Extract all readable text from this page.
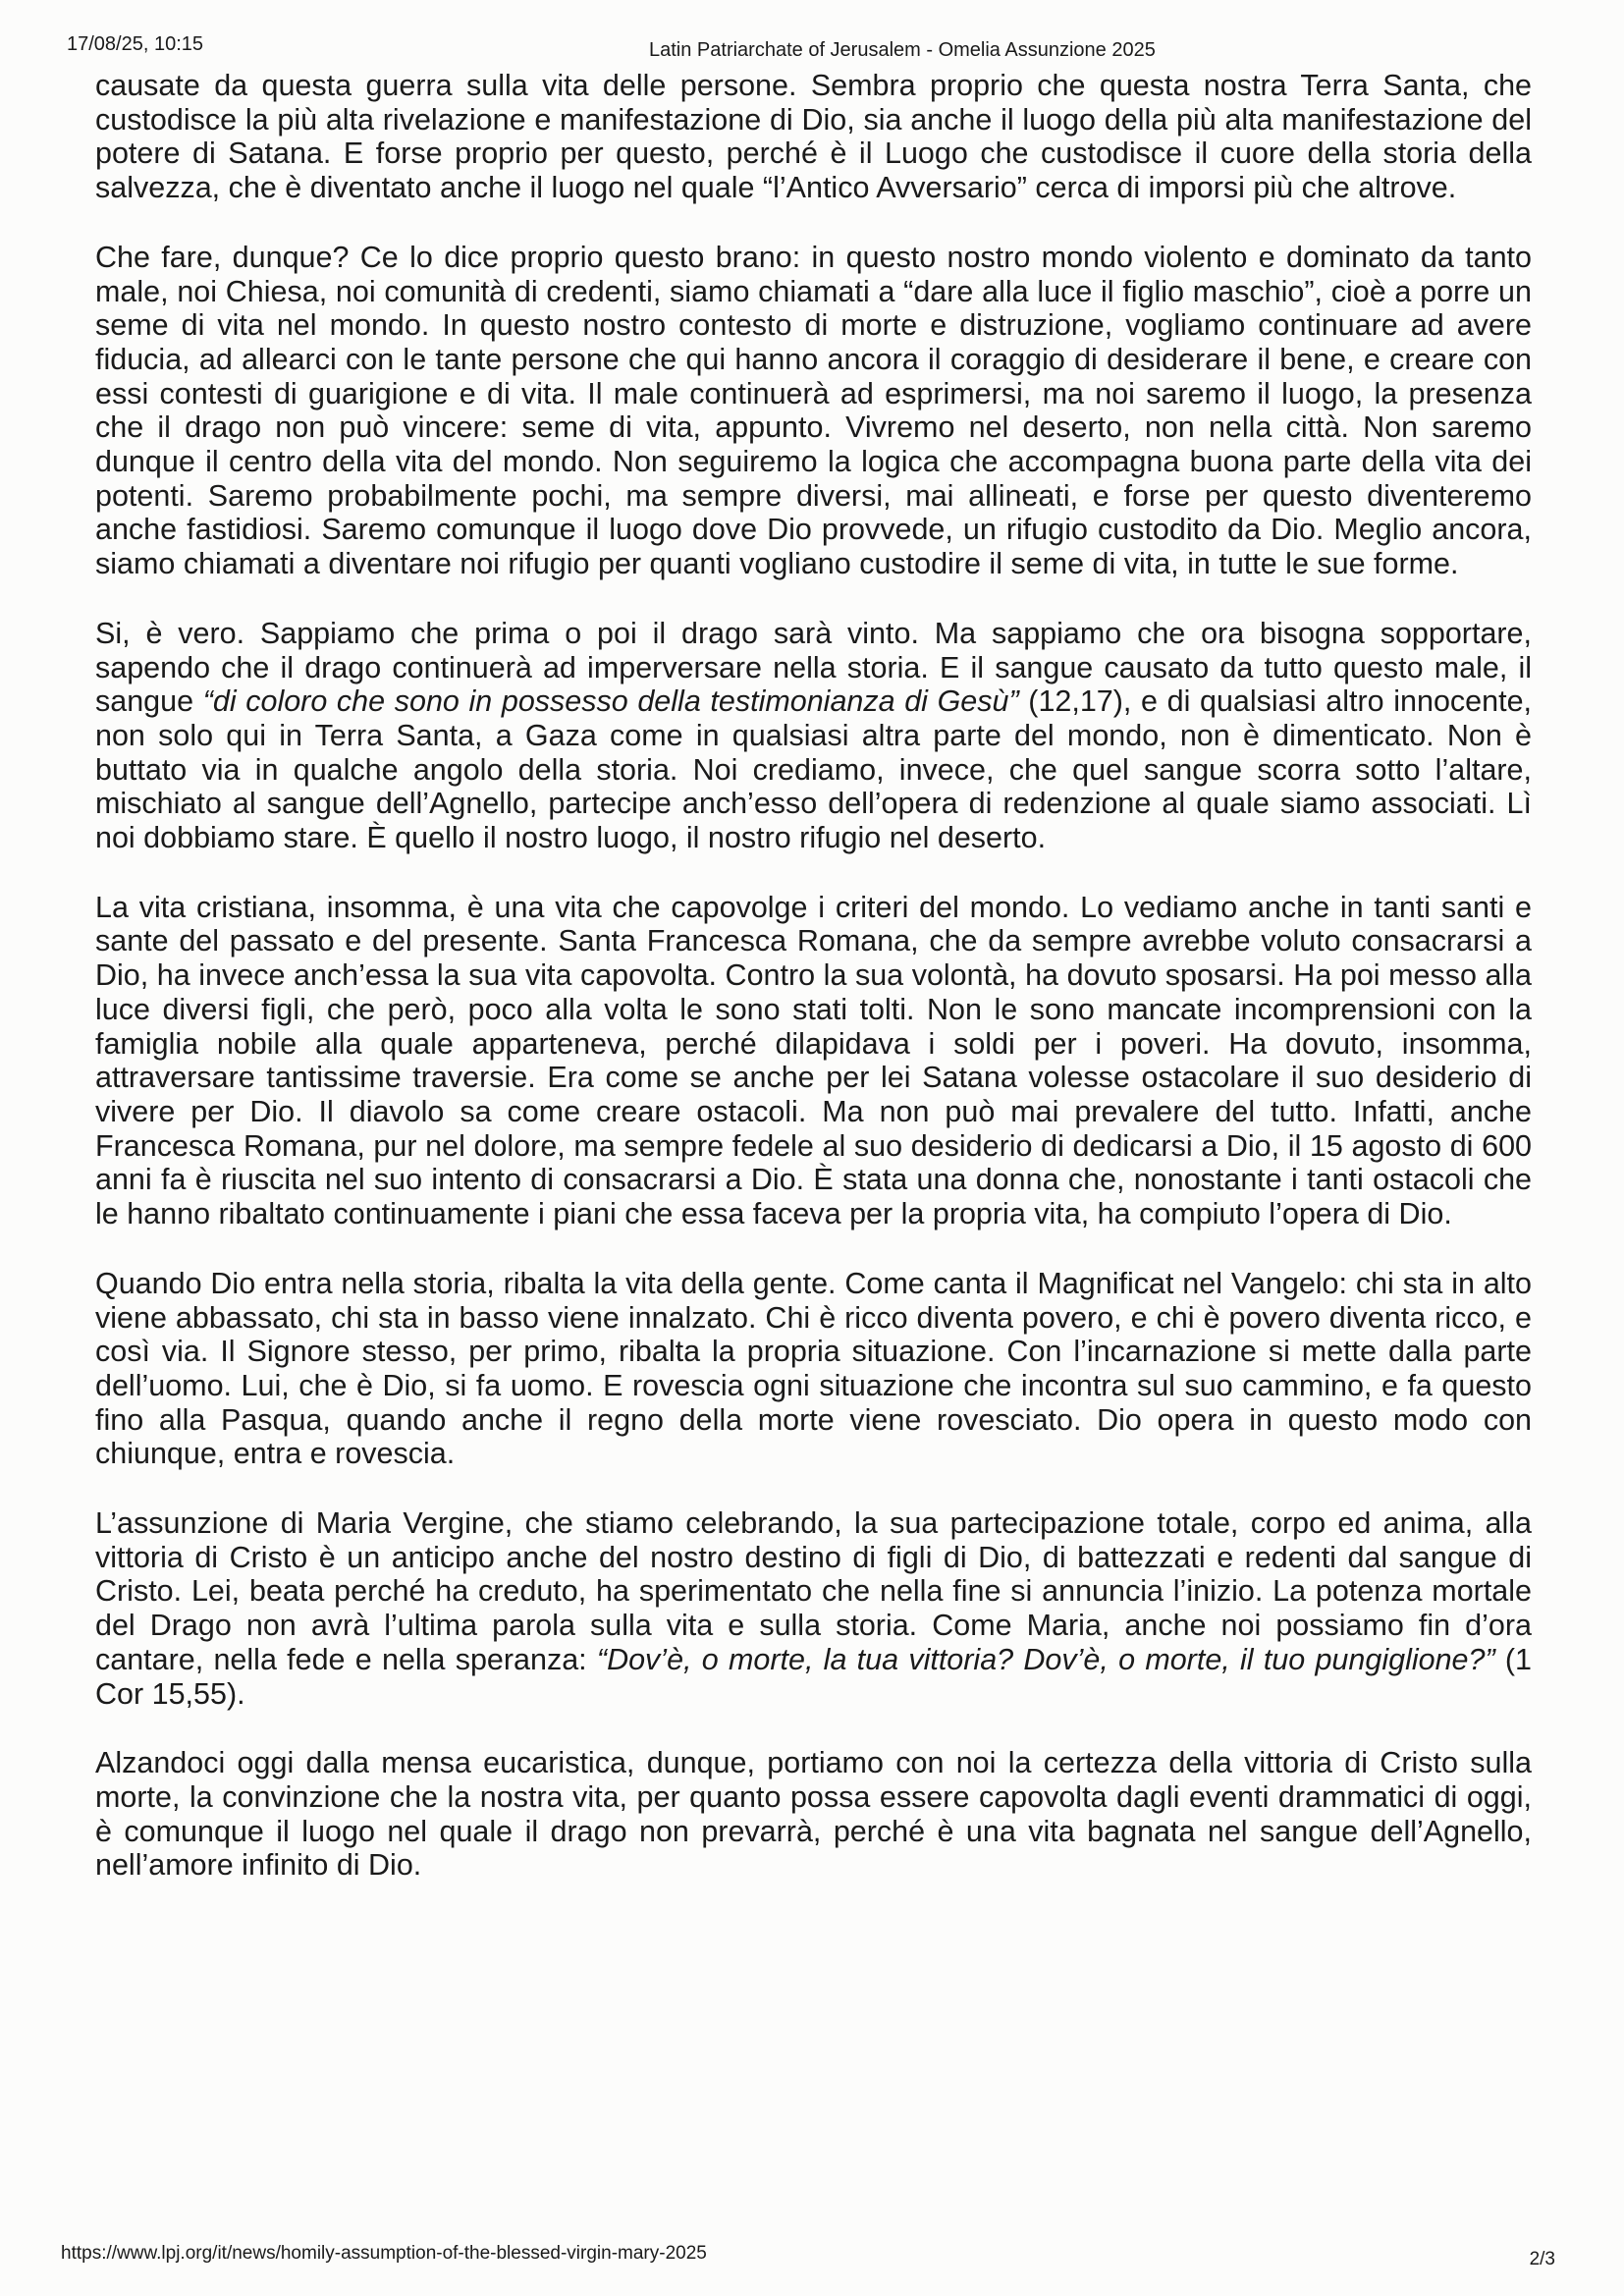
17/08/25, 10:15	Latin Patriarchate of Jerusalem - Omelia Assunzione 2025

causate da questa guerra sulla vita delle persone. Sembra proprio che questa nostra Terra Santa, che custodisce la più alta rivelazione e manifestazione di Dio, sia anche il luogo della più alta manifestazione del potere di Satana. E forse proprio per questo, perché è il Luogo che custodisce il cuore della storia della salvezza, che è diventato anche il luogo nel quale “l’Antico Avversario” cerca di imporsi più che altrove.

Che fare, dunque? Ce lo dice proprio questo brano: in questo nostro mondo violento e dominato da tanto male, noi Chiesa, noi comunità di credenti, siamo chiamati a “dare alla luce il figlio maschio”, cioè a porre un seme di vita nel mondo. In questo nostro contesto di morte e distruzione, vogliamo continuare ad avere fiducia, ad allearci con le tante persone che qui hanno ancora il coraggio di desiderare il bene, e creare con essi contesti di guarigione e di vita. Il male continuerà ad esprimersi, ma noi saremo il luogo, la presenza che il drago non può vincere: seme di vita, appunto. Vivremo nel deserto, non nella città. Non saremo dunque il centro della vita del mondo. Non seguiremo la logica che accompagna buona parte della vita dei potenti. Saremo probabilmente pochi, ma sempre diversi, mai allineati, e forse per questo diventeremo anche fastidiosi. Saremo comunque il luogo dove Dio provvede, un rifugio custodito da Dio. Meglio ancora, siamo chiamati a diventare noi rifugio per quanti vogliano custodire il seme di vita, in tutte le sue forme.

Si, è vero. Sappiamo che prima o poi il drago sarà vinto. Ma sappiamo che ora bisogna sopportare, sapendo che il drago continuerà ad imperversare nella storia. E il sangue causato da tutto questo male, il sangue “di coloro che sono in possesso della testimonianza di Gesù” (12,17), e di qualsiasi altro innocente, non solo qui in Terra Santa, a Gaza come in qualsiasi altra parte del mondo, non è dimenticato. Non è buttato via in qualche angolo della storia. Noi crediamo, invece, che quel sangue scorra sotto l’altare, mischiato al sangue dell’Agnello, partecipe anch’esso dell’opera di redenzione al quale siamo associati. Lì noi dobbiamo stare. È quello il nostro luogo, il nostro rifugio nel deserto.

La vita cristiana, insomma, è una vita che capovolge i criteri del mondo. Lo vediamo anche in tanti santi e sante del passato e del presente. Santa Francesca Romana, che da sempre avrebbe voluto consacrarsi a Dio, ha invece anch’essa la sua vita capovolta. Contro la sua volontà, ha dovuto sposarsi. Ha poi messo alla luce diversi figli, che però, poco alla volta le sono stati tolti. Non le sono mancate incomprensioni con la famiglia nobile alla quale apparteneva, perché dilapidava i soldi per i poveri. Ha dovuto, insomma, attraversare tantissime traversie. Era come se anche per lei Satana volesse ostacolare il suo desiderio di vivere per Dio. Il diavolo sa come creare ostacoli. Ma non può mai prevalere del tutto. Infatti, anche Francesca Romana, pur nel dolore, ma sempre fedele al suo desiderio di dedicarsi a Dio, il 15 agosto di 600 anni fa è riuscita nel suo intento di consacrarsi a Dio. È stata una donna che, nonostante i tanti ostacoli che le hanno ribaltato continuamente i piani che essa faceva per la propria vita, ha compiuto l’opera di Dio.

Quando Dio entra nella storia, ribalta la vita della gente. Come canta il Magnificat nel Vangelo: chi sta in alto viene abbassato, chi sta in basso viene innalzato. Chi è ricco diventa povero, e chi è povero diventa ricco, e così via. Il Signore stesso, per primo, ribalta la propria situazione. Con l’incarnazione si mette dalla parte dell’uomo. Lui, che è Dio, si fa uomo. E rovescia ogni situazione che incontra sul suo cammino, e fa questo fino alla Pasqua, quando anche il regno della morte viene rovesciato. Dio opera in questo modo con chiunque, entra e rovescia.

L’assunzione di Maria Vergine, che stiamo celebrando, la sua partecipazione totale, corpo ed anima, alla vittoria di Cristo è un anticipo anche del nostro destino di figli di Dio, di battezzati e redenti dal sangue di Cristo. Lei, beata perché ha creduto, ha sperimentato che nella fine si annuncia l’inizio. La potenza mortale del Drago non avrà l’ultima parola sulla vita e sulla storia. Come Maria, anche noi possiamo fin d’ora cantare, nella fede e nella speranza: “Dov’è, o morte, la tua vittoria? Dov’è, o morte, il tuo pungiglione?” (1 Cor 15,55).

Alzandoci oggi dalla mensa eucaristica, dunque, portiamo con noi la certezza della vittoria di Cristo sulla morte, la convinzione che la nostra vita, per quanto possa essere capovolta dagli eventi drammatici di oggi, è comunque il luogo nel quale il drago non prevarrà, perché è una vita bagnata nel sangue dell’Agnello, nell’amore infinito di Dio.

https://www.lpj.org/it/news/homily-assumption-of-the-blessed-virgin-mary-2025	2/3
